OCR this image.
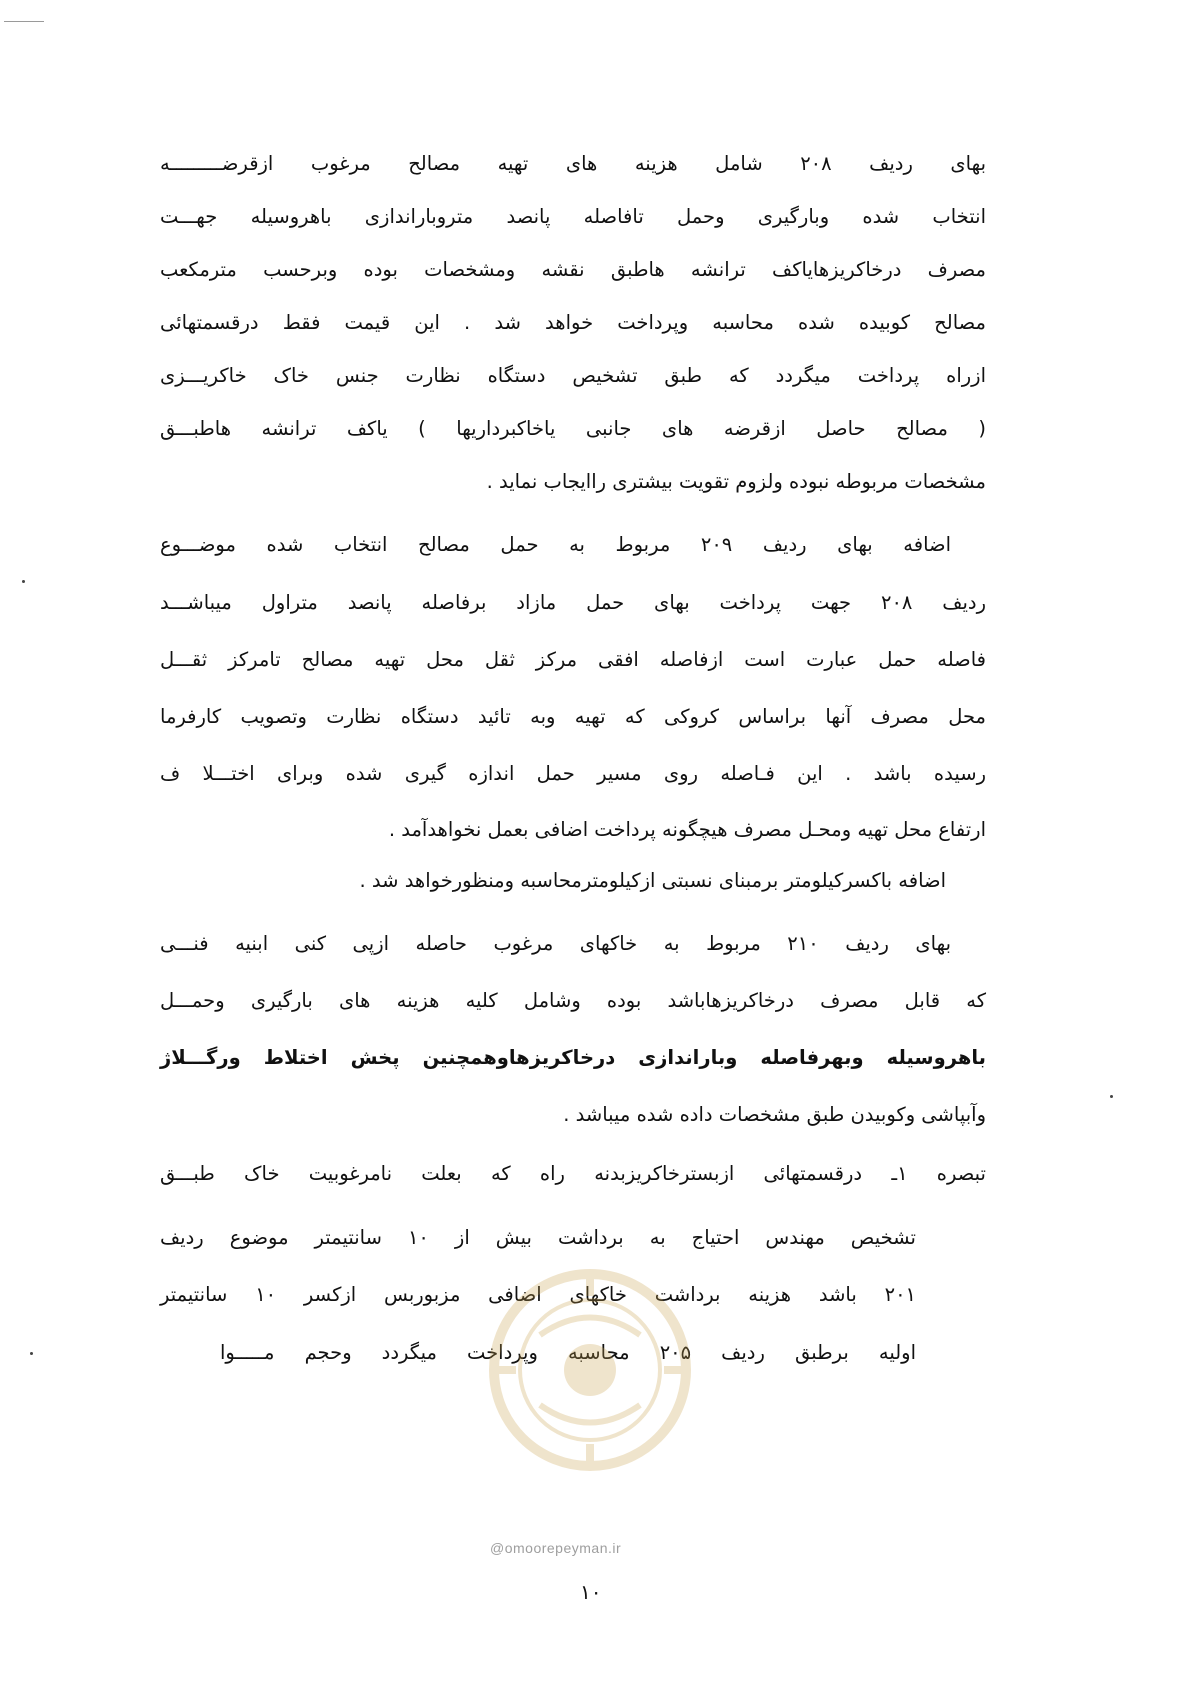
بهای ردیف ۲۰۸ شامل هزینه های تهیه مصالح مرغوب ازقرضـــــــــه
انتخاب شده وبارگیری وحمل تافاصله پانصد متروباراندازی باهروسیله جهـــت
مصرف درخاکریزهایاکف ترانشه هاطبق نقشه ومشخصات بوده وبرحسب مترمکعب
مصالح کوبیده شده محاسبه وپرداخت خواهد شد . این قیمت فقط درقسمتهائی
ازراه پرداخت میگردد که طبق تشخیص دستگاه نظارت جنس خاک خاکریـــزی
( مصالح حاصل ازقرضه های جانبی یاخاکبرداریها ) یاکف ترانشه هاطبـــق
مشخصات مربوطه نبوده ولزوم تقویت بیشتری راایجاب نماید .
اضافه بهای ردیف ۲۰۹ مربوط به حمل مصالح انتخاب شده موضـــوع
ردیف ۲۰۸ جهت پرداخت بهای حمل مازاد برفاصله پانصد متراول میباشـــد
فاصله حمل عبارت است ازفاصله افقی مرکز ثقل محل تهیه مصالح تامرکز ثقـــل
محل مصرف آنها براساس کروکی که تهیه وبه تائید دستگاه نظارت وتصویب کارفرما
رسیده باشد . این فـاصله روی مسیر حمل اندازه گیری شده وبرای اختـــلا ف
ارتفاع محل تهیه ومحـل مصرف هیچگونه پرداخت اضافی بعمل نخواهدآمد .
اضافه باکسرکیلومتر برمبنای نسبتی ازکیلومترمحاسبه ومنظورخواهد شد .
بهای ردیف ۲۱۰ مربوط به خاکهای مرغوب حاصله ازپی کنی ابنیه فنـــی
که قابل مصرف درخاکریزهاباشد بوده وشامل کلیه هزینه های بارگیری وحمـــل
باهروسیله وبهرفاصله وباراندازی درخاکریزهاوهمچنین پخش اختلاط ورگـــلاژ
وآبپاشی وکوبیدن طبق مشخصات داده شده میباشد .
تبصره ۱ـ درقسمتهائی ازبسترخاکریزبدنه راه که بعلت نامرغوبیت خاک طبـــق
تشخیص مهندس احتیاج به برداشت بیش از ۱۰ سانتیمتر موضوع ردیف
۲۰۱ باشد هزینه برداشت خاکهای اضافی مزبوربس ازکسر ۱۰ سانتیمتر
اولیه برطبق ردیف ۲۰۵ محاسبه وپرداخت میگردد وحجم مـــــوا
@omoorepeyman.ir
۱۰
